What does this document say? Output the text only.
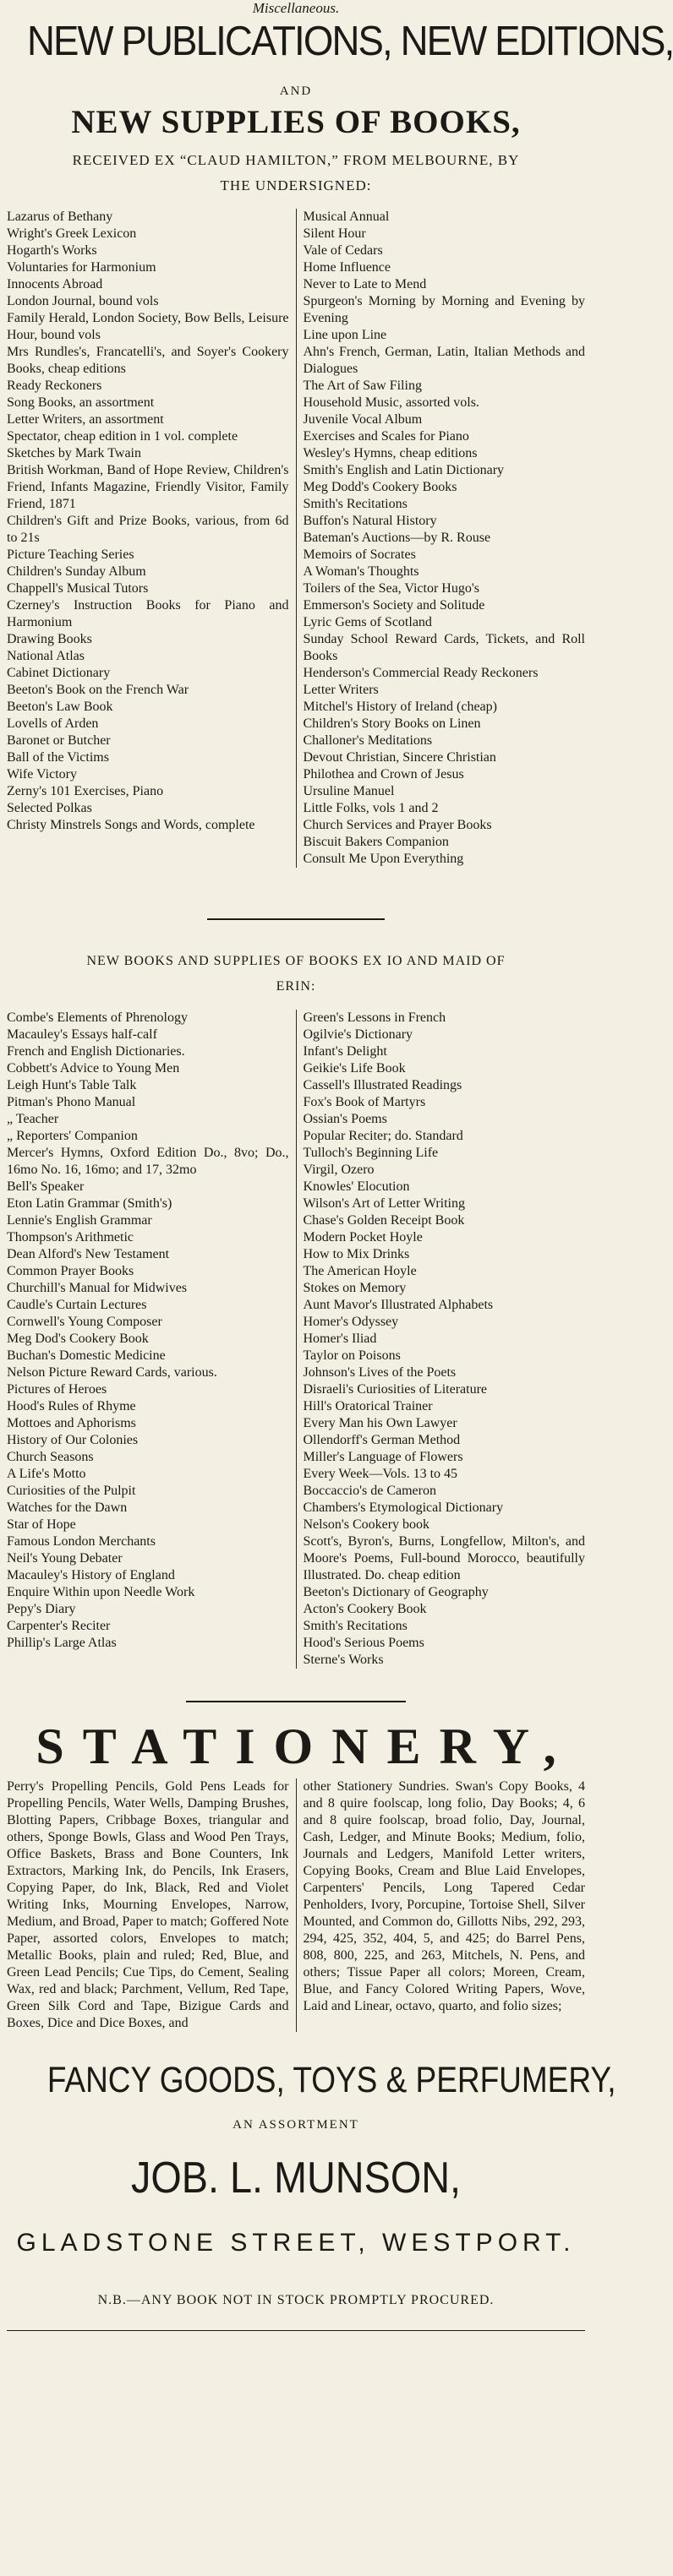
Miscellaneous.
NEW PUBLICATIONS, NEW EDITIONS,
AND
NEW SUPPLIES OF BOOKS,
RECEIVED EX “CLAUD HAMILTON,” FROM MELBOURNE, BY
THE UNDERSIGNED:
Lazarus of Bethany
Wright's Greek Lexicon
Hogarth's Works
Voluntaries for Harmonium
Innocents Abroad
London Journal, bound vols
Family Herald, London Society, Bow Bells, Leisure Hour, bound vols
Mrs Rundles's, Francatelli's, and Soyer's Cookery Books, cheap editions
Ready Reckoners
Song Books, an assortment
Letter Writers, an assortment
Spectator, cheap edition in 1 vol. complete
Sketches by Mark Twain
British Workman, Band of Hope Review, Children's Friend, Infants Magazine, Friendly Visitor, Family Friend, 1871
Children's Gift and Prize Books, various, from 6d to 21s
Picture Teaching Series
Children's Sunday Album
Chappell's Musical Tutors
Czerney's Instruction Books for Piano and Harmonium
Drawing Books
National Atlas
Cabinet Dictionary
Beeton's Book on the French War
Beeton's Law Book
Lovells of Arden
Baronet or Butcher
Ball of the Victims
Wife Victory
Zerny's 101 Exercises, Piano
Selected Polkas
Christy Minstrels Songs and Words, complete
Musical Annual
Silent Hour
Vale of Cedars
Home Influence
Never to Late to Mend
Spurgeon's Morning by Morning and Evening by Evening
Line upon Line
Ahn's French, German, Latin, Italian Methods and Dialogues
The Art of Saw Filing
Household Music, assorted vols.
Juvenile Vocal Album
Exercises and Scales for Piano
Wesley's Hymns, cheap editions
Smith's English and Latin Dictionary
Meg Dodd's Cookery Books
Smith's Recitations
Buffon's Natural History
Bateman's Auctions—by R. Rouse
Memoirs of Socrates
A Woman's Thoughts
Toilers of the Sea, Victor Hugo's
Emmerson's Society and Solitude
Lyric Gems of Scotland
Sunday School Reward Cards, Tickets, and Roll Books
Henderson's Commercial Ready Reckoners
Letter Writers
Mitchel's History of Ireland (cheap)
Children's Story Books on Linen
Challoner's Meditations
Devout Christian, Sincere Christian
Philothea and Crown of Jesus
Ursuline Manuel
Little Folks, vols 1 and 2
Church Services and Prayer Books
Biscuit Bakers Companion
Consult Me Upon Everything
NEW BOOKS AND SUPPLIES OF BOOKS EX IO AND MAID OF
ERIN:
Combe's Elements of Phrenology
Macauley's Essays half-calf
French and English Dictionaries.
Cobbett's Advice to Young Men
Leigh Hunt's Table Talk
Pitman's Phono Manual
„ Teacher
„ Reporters' Companion
Mercer's Hymns, Oxford Edition Do., 8vo; Do., 16mo No. 16, 16mo; and 17, 32mo
Bell's Speaker
Eton Latin Grammar (Smith's)
Lennie's English Grammar
Thompson's Arithmetic
Dean Alford's New Testament
Common Prayer Books
Churchill's Manual for Midwives
Caudle's Curtain Lectures
Cornwell's Young Composer
Meg Dod's Cookery Book
Buchan's Domestic Medicine
Nelson Picture Reward Cards, various.
Pictures of Heroes
Hood's Rules of Rhyme
Mottoes and Aphorisms
History of Our Colonies
Church Seasons
A Life's Motto
Curiosities of the Pulpit
Watches for the Dawn
Star of Hope
Famous London Merchants
Neil's Young Debater
Macauley's History of England
Enquire Within upon Needle Work
Pepy's Diary
Carpenter's Reciter
Phillip's Large Atlas
Green's Lessons in French
Ogilvie's Dictionary
Infant's Delight
Geikie's Life Book
Cassell's Illustrated Readings
Fox's Book of Martyrs
Ossian's Poems
Popular Reciter; do. Standard
Tulloch's Beginning Life
Virgil, Ozero
Knowles' Elocution
Wilson's Art of Letter Writing
Chase's Golden Receipt Book
Modern Pocket Hoyle
How to Mix Drinks
The American Hoyle
Stokes on Memory
Aunt Mavor's Illustrated Alphabets
Homer's Odyssey
Homer's Iliad
Taylor on Poisons
Johnson's Lives of the Poets
Disraeli's Curiosities of Literature
Hill's Oratorical Trainer
Every Man his Own Lawyer
Ollendorff's German Method
Miller's Language of Flowers
Every Week—Vols. 13 to 45
Boccaccio's de Cameron
Chambers's Etymological Dictionary
Nelson's Cookery book
Scott's, Byron's, Burns, Longfellow, Milton's, and Moore's Poems, Full-bound Morocco, beautifully Illustrated. Do. cheap edition
Beeton's Dictionary of Geography
Acton's Cookery Book
Smith's Recitations
Hood's Serious Poems
Sterne's Works
STATIONERY,
Perry's Propelling Pencils, Gold Pens Leads for Propelling Pencils, Water Wells, Damping Brushes, Blotting Papers, Cribbage Boxes, triangular and others, Sponge Bowls, Glass and Wood Pen Trays, Office Baskets, Brass and Bone Counters, Ink Extractors, Marking Ink, do Pencils, Ink Erasers, Copying Paper, do Ink, Black, Red and Violet Writing Inks, Mourning Envelopes, Narrow, Medium, and Broad, Paper to match; Goffered Note Paper, assorted colors, Envelopes to match; Metallic Books, plain and ruled; Red, Blue, and Green Lead Pencils; Cue Tips, do Cement, Sealing Wax, red and black; Parchment, Vellum, Red Tape, Green Silk Cord and Tape, Bizigue Cards and Boxes, Dice and Dice Boxes, and
other Stationery Sundries. Swan's Copy Books, 4 and 8 quire foolscap, long folio, Day Books; 4, 6 and 8 quire foolscap, broad folio, Day, Journal, Cash, Ledger, and Minute Books; Medium, folio, Journals and Ledgers, Manifold Letter writers, Copying Books, Cream and Blue Laid Envelopes, Carpenters' Pencils, Long Tapered Cedar Penholders, Ivory, Porcupine, Tortoise Shell, Silver Mounted, and Common do, Gillotts Nibs, 292, 293, 294, 425, 352, 404, 5, and 425; do Barrel Pens, 808, 800, 225, and 263, Mitchels, N. Pens, and others; Tissue Paper all colors; Moreen, Cream, Blue, and Fancy Colored Writing Papers, Wove, Laid and Linear, octavo, quarto, and folio sizes;
FANCY GOODS, TOYS & PERFUMERY,
AN ASSORTMENT
JOB. L. MUNSON,
GLADSTONE STREET, WESTPORT.
N.B.—ANY BOOK NOT IN STOCK PROMPTLY PROCURED.
